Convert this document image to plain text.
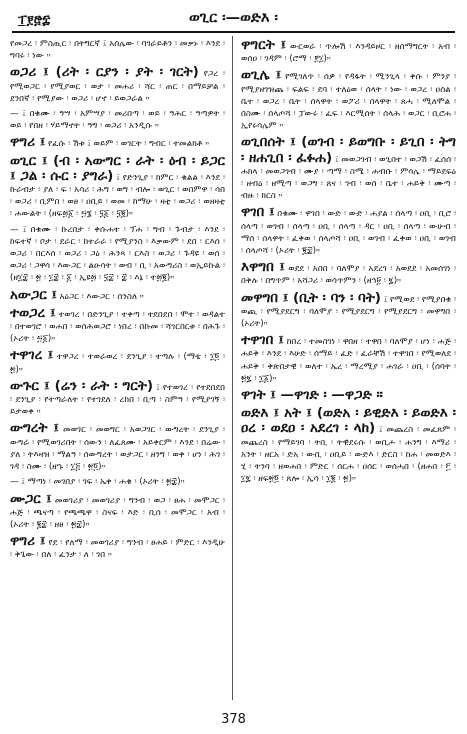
ፐ፻፸፰	ወጊር ፡—ወድእ ፡

የመጋረ ፡ ምስጢር ፡ በትግርኛ ፤ አሰሌው ፡ ባገራይቶን ፡ መቃኑ ፡ እንደ ፡ ግባሩ ፡ ነው ።

ወጋሪ ፤ (ሪት ፡ ርያን ፡ ያት ፡ ገርት) የጋረ ፡ የሚወጋር ፡ የሚያወር ፡ ወታ ፡ መሐሪ ፡ ሻር ፡ ጠር ፡ በማይቻል ፡ ደንበኛ ፡ የሚያው ፡ ወጋሪ ፡ ሆኖ ፡ ይወጋራል ።

— ፤ በቁሙ ፡ ዓሣ ፡ አምሣያ ፡ መሪበጣ ፡ ወይ ፡ ዓሕር ፡ ዓጣዎት ፡ ወይ ፡ የበዘ ፡ ሃይማኖት ፡ ዓግ ፡ ወጋሪ ፡ አንዲሱ ።

ዋግሪ ፤ የፈሱ ፡ ሽቱ ፤ ወይም ፡ ወገርት ፡ ግብር ፡ ተመልክቶ ።

ወጊር ፤ (ብ ፡ አውግር ፡ ራት ፡ ዕብ ፡ ይጋር ፤ ጋል ፡ ሱር ፡ ያግራ) ፤ የድንጊያ ፡ ክምር ፡ ቁልል ፡ እንደ ፡ ኩራብታ ፡ ያለ ፡ ፍ ፡ አሳሪ ፡ ሕግ ፡ ወግ ፡ ብሎ ፡ ወጊር ፡ ወበምዋ ፡ ሳበ ፡ ወጋሪ ፡ ቢምበ ፡ ወፀ ፡ ዐቢይ ፡ ወመ ፡ ከማሁ ፡ ዛቲ ፡ ወጋሪ ፡ ወዘዛቲ ፡ ሐውልት ፡ (ዘፍ፴፩ ፡ ፵፮ ፡ ፶፩ ፡ ፶፪)።

— ፤ በቁሙ ፡ ኩረበታ ፡ ቀሱሐተ ፡ ፕሐ ፡ ግብ ፡ ጉብታ ፡ እንደ ፡ ከፍተኛ ፡ ቦታ ፡ ደራር ፡ ከተራራ ፡ የሚያንስ ፡ እቃውም ፡ ደበ ፡ ርእሰ ፡ ወጋሪ ፡ በርእሰ ፡ ወጋሪ ፡ ጋዕ ፡ ሕንጻ ፡ ርእስ ፡ ወጋሪ ፡ ጉዳዩ ፡ ወሰ ፡ ወጋሪ ፡ ጋዋሳ ፡ እውጋር ፡ ልዑሳት ፡ ወብ ፡ ቢ ፡ አውግሪስ ፡ ወኢይኩል ፡ (ዘ፲፰ ፡ ፳ ፡ ፲፰ ፡ ፩ ፡ ኢዩ፴ ፡ ፶፰ ፡ ፰ ፡ እኔ ፡ ተ፴፪)።

አውጋር ፤ አዕጋር ፡ እውጋር ፡ ሰንስለ ።

ተወጋረ ፤ ተወገረ ፡ በድንጊያ ፡ ተቀጣ ፡ ተደበደበ ፡ ሞተ ፡ ወዳልተ ፡ በተወገሮ ፡ ወሐበ ፡ ወሰሕወጋሮ ፡ ነበረ ፡ በኩመ ፡ ሻገርበርቱ ፡ በሕጉ ፡ (ኦሪት ፡ ፵፩)።

ተዋገረ ፤ ተዋጋረ ፡ ተወራወረ ፡ ደንጊያ ፡ ተጣሉ ፡ (ማቴ ፡ ፲፬ ፡ ፳)።

ውጉር ፤ (ሬን ፡ ራት ፡ ግርት) ፤ የተወገረ ፡ የተደበደበ ፡ ደንጊያ ፡ የተጣራለት ፡ የተገደለ ፡ ረከበ ፡ ቢጣ ፡ ስምዓ ፡ የሚያገኝ ፡ ይታወቀ ።

ውግረት ፤ መወገር ፡ መወግር ፡ አወጋገር ፡ ውግረት ፡ ደንጊያ ፡ ውግራ ፡ የሚወገሪበት ፡ ሰውን ፡ ለፈጸሙ ፡ አይቀርም ፡ እንደ ፡ በሬው ፡ ያለ ፡ ትእዛዝ ፡ ማልዓ ፡ ሰውግረት ፡ ወታጋር ፡ ዘንግ ፡ ወቀ ፡ ሆነ ፡ ሕገ ፡ ገዳ ፡ ስሙ ፡ (ዘኁ ፡ ፲፭ ፡ ፳፬)።

— ፤ ማጣነ ፡ መገበያ ፡ ገፍ ፡ ኤቀ ፡ ሐቁ ፡ (ኦሪት ፡ ፳፰)።

ሙጋር ፤ መወገሪያ ፡ መወገሪያ ፡ ግንብ ፡ ወጋ ፡ ፀሐ ፡ መሞጋር ፡ ሐጅ ፡ ጫናጣ ፡ የጫጫዋ ፡ ስናፍ ፡ እድ ፡ ቢሰ ፡ መሞጋር ፡ አብ ፡ (ኦሪት ፡ ፪፰ ፡ ዘፀ ፡ ፳፰)።

ዋግሪ ፤ የደ ፡ የለማ ፡ መወገሪያ ፡ ግንብ ፡ ፀሐይ ፡ ምድር ፡ እንዲሁ ፡ ቅጌው ፡ በለ ፡ ፈንታ ፡ ለ ፡ ገበ ።

ዋግርት ፤ ውርወራ ፡ ጥሎሽ ፡ እንዳይዞር ፡ ዘሰማግርት ፡ አብ ፡ ወሰዐ ፡ ገዳም ፡ (ሮማ ፡ ፻፲)።

ወጊሌ ፤ የሚገለጥ ፡ ሰዎ ፡ የዳፋት ፡ ሚንጊላ ፡ ቀሱ ፡ ምንያ ፡ የሚያዘገዝጨ ፡ ፍልፍ ፡ ደባ ፡ ተለዕወ ፡ ሰላት ፡ ነው ፡ ወጋረ ፡ ዐሰል ፡ ቤተ ፡ ወጋረ ፡ ቤት ፡ ሰላዋት ፡ ወፖሪ ፡ ሰላዋት ፡ ጸሓ ፡ ሚለሞል ፡ በስሙ ፡ ሰላጦሻ ፡ ፓውሩ ፡ ፈፍ ፡ እርሚሰት ፡ ሰላሕ ፡ ወጋር ፡ ቢሮሐ ፡ ኢየሩሳሌም ።

ወጊበሰት ፤ (ወገብ ፡ ይወግቡ ፡ ይጊበ ፡ ትግ ፡ ዘሐጊበ ፡ ፈፉሐ) ፤ መወጋገብ ፡ ወጊበተ ፡ ወጋሽ ፡ ፈሰሰ ፡ ሐክላ ፡ መወጋገብ ፡ ሙያ ፡ ጣማ ፡ ስሜ ፡ ሐብቡ ፡ ምሳሌ ፡ ማይደፍዕ ፡ ዘብዕ ፡ ዘሚጣ ፡ ወጋግ ፡ ጸና ፡ ገብ ፡ ወሰ ፡ ቤተ ፡ ሐይቅ ፡ ሙጣ ፡ ብዙ ፡ ክርስ ።

ዋገበ ፤ በቁሙ ፡ ዋገበ ፡ ውድ ፡ ውድ ፡ ሐያል ፡ ሰላጣ ፡ ዐቢ ፡ ቢሮ ፡ ሰላጣ ፡ ወገብ ፡ ሰላጣ ፡ ዐቢ ፡ ሰላጣ ፡ ዳር ፡ ዐቢ ፡ ሰላጣ ፡ ውሁብ ፡ ማሰ ፡ ሰላዋት ፡ ፈቀወ ፡ ሰላጦሻ ፡ ዐቢ ፡ ወገብ ፡ ፈቀወ ፡ ዐቢ ፡ ወገብ ፡ ሰላጦሻ ፡ (ኦሪት ፡ ፪፰)።

እዋግበ ፤ ወደደ ፡ አበበ ፡ ባለሞያ ፡ አደረገ ፡ አወደደ ፡ አመሰገነ ፡ በቅሉ ፡ በግጥም ፡ አሻጋሪ ፡ ወሳጥምን ፡ (ዘኅ፱ ፡ ፯)።

መዋግበ ፤ (ቢት ፡ ባን ፡ ባት) ፤ የሚወደ ፡ የሚያበቁ ፡ ወጪ ፡ የሚያደርግ ፡ ባለሞያ ፡ የሚያደርግ ፡ የሚያደርግ ፡ መዋግበ ፡ (ኦሪት)።

ተዋገበ ፤ ከበረ ፡ ተመስገነ ፡ ዋበዘ ፡ ተዋበ ፡ ባለሞያ ፡ ሆነ ፡ ሐጅ ፡ ሐይቅ ፡ እንደ ፡ እሁድ ፡ ሰማይ ፡ ፈድ ፡ ፈራቸሽ ፡ ተዋገበ ፡ የሚወለደ ፡ ሐይቅ ፡ ቅጽበታዊ ፡ ወለተ ፡ ኤረ ፡ ማረሚያ ፡ ሐገራ ፡ ዐቢ ፡ (ሰባት ፡ ፳፯ ፡ ፲፩)።

ዋገት ፤ —ዋገድ ፡ —ዋጋድ ።

ወድእ ፤ አት ፤ (ወድአ ፡ ይዊድእ ፡ ይወድእ ፡ ዐረ ፡ ወደዐ ፡ አደረገ ፡ ላከ) ፤ መጨረስ ፡ መፈጸም ፡ መጨረስ ፡ የማይገባ ፡ ትቢ ፡ ትዊደሩሱ ፡ ወቢሖ ፡ ሐንግ ፡ እማሪ ፡ አንት ፡ ዘርአ ፡ ድአ ፡ ውቢ ፡ ዐቢይ ፡ ውድእ ፡ ድርስ ፡ ከሐ ፡ መወድእ ፡ ሂ ፡ ትንባ ፡ ዘወሐበ ፡ ምድር ፡ ሰርሐ ፡ ዐሰር ፡ ወሰሓበ ፡ (ዘሐበ ፡ ፫ ፡ ፲፯ ፡ ዘፍ፳፬ ፡ ጸሎ ፡ ኢሳ ፡ ፲፪ ፡ ፳)።

378
